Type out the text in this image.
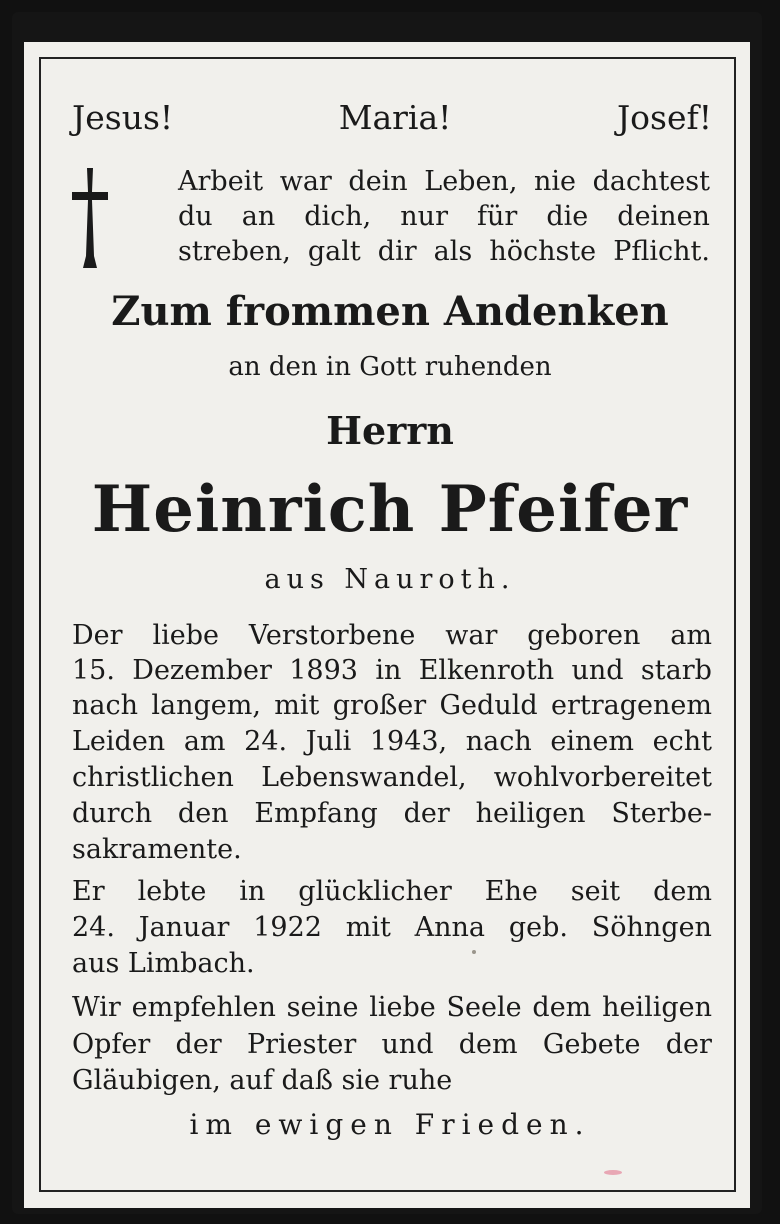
Jesus!	Maria!	Josef!
Arbeit war dein Leben, nie dachtest
du an dich, nur für die deinen
streben, galt dir als höchste Pflicht.
Zum frommen Andenken
an den in Gott ruhenden
Herrn
Heinrich Pfeifer
aus Nauroth.
Der liebe Verstorbene war geboren am
15. Dezember 1893 in Elkenroth und starb
nach langem, mit großer Geduld ertragenem
Leiden am 24. Juli 1943, nach einem echt
christlichen Lebenswandel, wohlvorbereitet
durch den Empfang der heiligen Sterbe-
sakramente.
Er lebte in glücklicher Ehe seit dem
24. Januar 1922 mit Anna geb. Söhngen
aus Limbach.
Wir empfehlen seine liebe Seele dem heiligen
Opfer der Priester und dem Gebete der
Gläubigen, auf daß sie ruhe
im ewigen Frieden.
